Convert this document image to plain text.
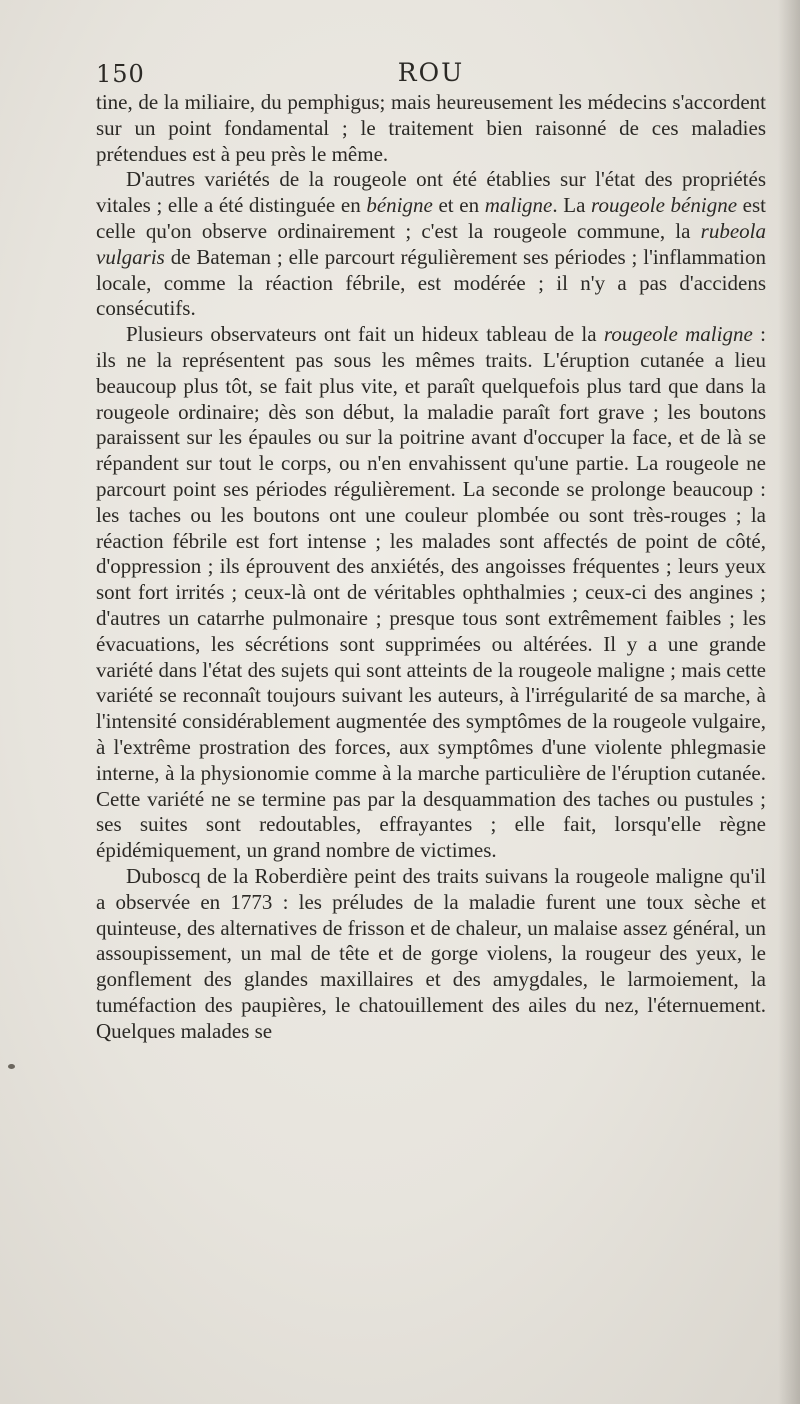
150	ROU

tine, de la miliaire, du pemphigus; mais heureusement les médecins s'accordent sur un point fondamental ; le traitement bien raisonné de ces maladies prétendues est à peu près le même.

D'autres variétés de la rougeole ont été établies sur l'état des propriétés vitales ; elle a été distinguée en bénigne et en maligne. La rougeole bénigne est celle qu'on observe ordinairement ; c'est la rougeole commune, la rubeola vulgaris de Bateman ; elle parcourt régulièrement ses périodes ; l'inflammation locale, comme la réaction fébrile, est modérée ; il n'y a pas d'accidens consécutifs.

Plusieurs observateurs ont fait un hideux tableau de la rougeole maligne : ils ne la représentent pas sous les mêmes traits. L'éruption cutanée a lieu beaucoup plus tôt, se fait plus vite, et paraît quelquefois plus tard que dans la rougeole ordinaire; dès son début, la maladie paraît fort grave ; les boutons paraissent sur les épaules ou sur la poitrine avant d'occuper la face, et de là se répandent sur tout le corps, ou n'en envahissent qu'une partie. La rougeole ne parcourt point ses périodes régulièrement. La seconde se prolonge beaucoup : les taches ou les boutons ont une couleur plombée ou sont très-rouges ; la réaction fébrile est fort intense ; les malades sont affectés de point de côté, d'oppression ; ils éprouvent des anxiétés, des angoisses fréquentes ; leurs yeux sont fort irrités ; ceux-là ont de véritables ophthalmies ; ceux-ci des angines ; d'autres un catarrhe pulmonaire ; presque tous sont extrêmement faibles ; les évacuations, les sécrétions sont supprimées ou altérées. Il y a une grande variété dans l'état des sujets qui sont atteints de la rougeole maligne ; mais cette variété se reconnaît toujours suivant les auteurs, à l'irrégularité de sa marche, à l'intensité considérablement augmentée des symptômes de la rougeole vulgaire, à l'extrême prostration des forces, aux symptômes d'une violente phlegmasie interne, à la physionomie comme à la marche particulière de l'éruption cutanée. Cette variété ne se termine pas par la desquammation des taches ou pustules ; ses suites sont redoutables, effrayantes ; elle fait, lorsqu'elle règne épidémiquement, un grand nombre de victimes.

Duboscq de la Roberdière peint des traits suivans la rougeole maligne qu'il a observée en 1773 : les préludes de la maladie furent une toux sèche et quinteuse, des alternatives de frisson et de chaleur, un malaise assez général, un assoupissement, un mal de tête et de gorge violens, la rougeur des yeux, le gonflement des glandes maxillaires et des amygdales, le larmoiement, la tuméfaction des paupières, le chatouillement des ailes du nez, l'éternuement. Quelques malades se
